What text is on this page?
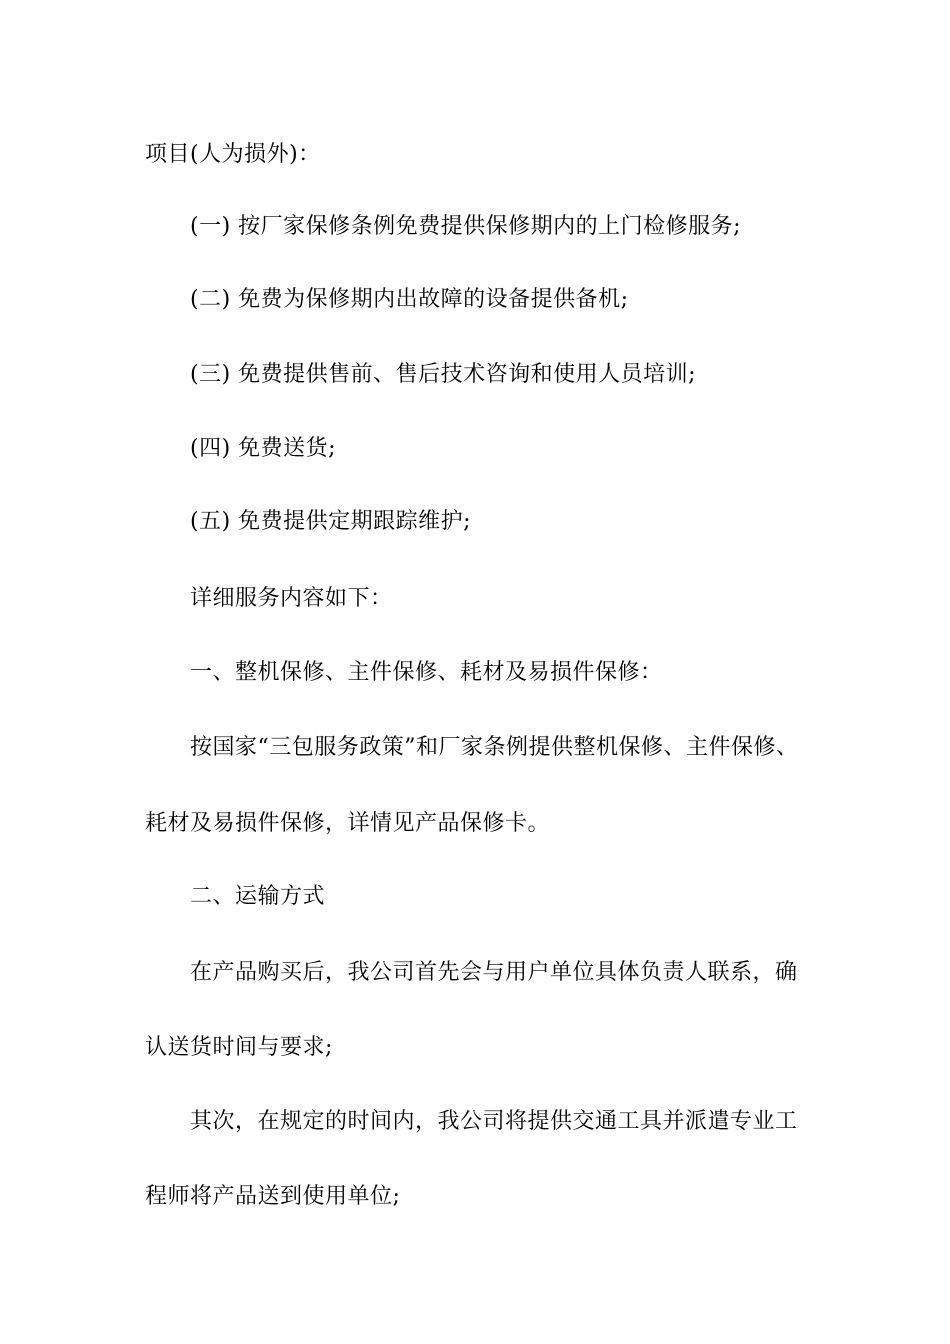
项目(人为损外)：
(一) 按厂家保修条例免费提供保修期内的上门检修服务;
(二) 免费为保修期内出故障的设备提供备机;
(三) 免费提供售前、售后技术咨询和使用人员培训;
(四) 免费送货;
(五) 免费提供定期跟踪维护;
详细服务内容如下：
一、整机保修、主件保修、耗材及易损件保修：
按国家“三包服务政策”和厂家条例提供整机保修、主件保修、
耗材及易损件保修，详情见产品保修卡。
二、运输方式
在产品购买后，我公司首先会与用户单位具体负责人联系，确
认送货时间与要求;
其次，在规定的时间内，我公司将提供交通工具并派遣专业工
程师将产品送到使用单位;
